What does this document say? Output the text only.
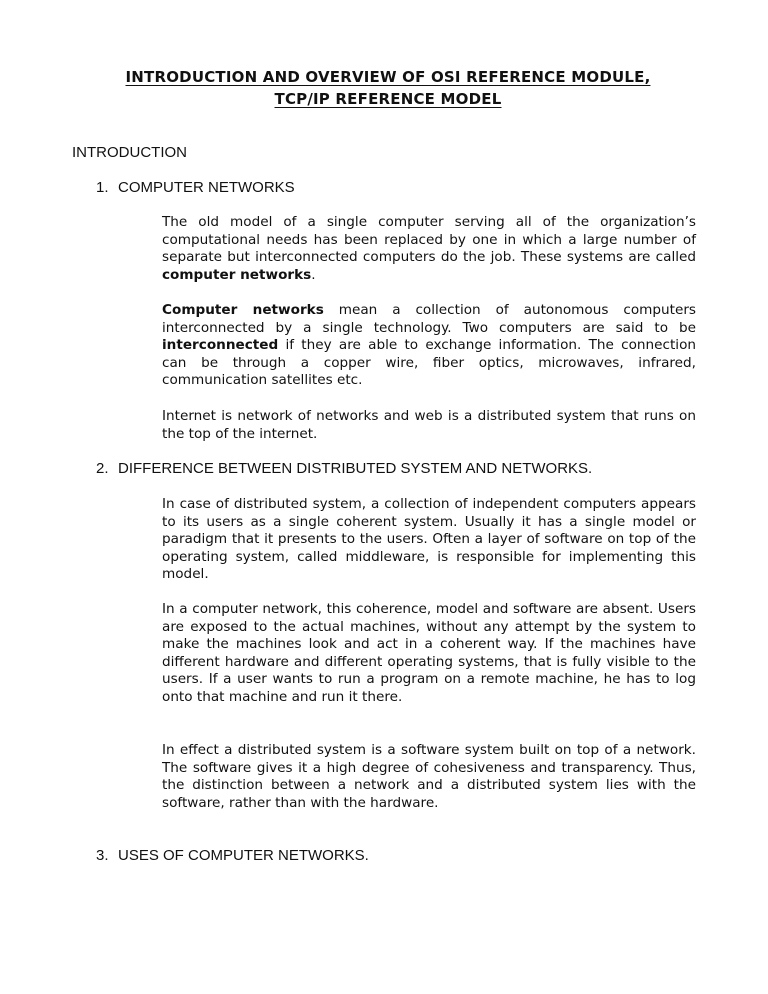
INTRODUCTION AND OVERVIEW OF OSI REFERENCE MODULE,
TCP/IP REFERENCE MODEL
INTRODUCTION
1. COMPUTER NETWORKS

The old model of a single computer serving all of the organization’s computational needs has been replaced by one in which a large number of separate but interconnected computers do the job. These systems are called computer networks.

Computer networks mean a collection of autonomous computers interconnected by a single technology. Two computers are said to be interconnected if they are able to exchange information. The connection can be through a copper wire, fiber optics, microwaves, infrared, communication satellites etc.

Internet is network of networks and web is a distributed system that runs on the top of the internet.

2. DIFFERENCE BETWEEN DISTRIBUTED SYSTEM AND NETWORKS.

In case of distributed system, a collection of independent computers appears to its users as a single coherent system. Usually it has a single model or paradigm that it presents to the users. Often a layer of software on top of the operating system, called middleware, is responsible for implementing this model.

In a computer network, this coherence, model and software are absent. Users are exposed to the actual machines, without any attempt by the system to make the machines look and act in a coherent way. If the machines have different hardware and different operating systems, that is fully visible to the users. If a user wants to run a program on a remote machine, he has to log onto that machine and run it there.

In effect a distributed system is a software system built on top of a network. The software gives it a high degree of cohesiveness and transparency. Thus, the distinction between a network and a distributed system lies with the software, rather than with the hardware.

3. USES OF COMPUTER NETWORKS.
